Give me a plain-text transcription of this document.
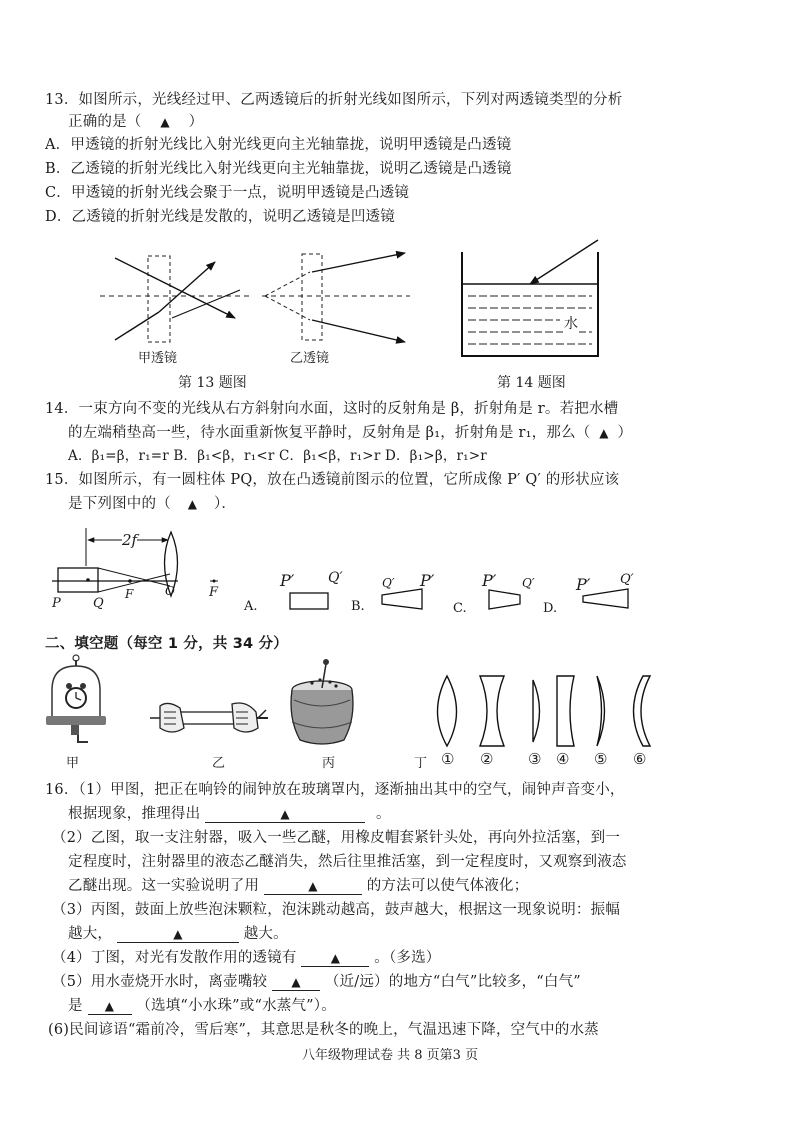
13．如图所示，光线经过甲、乙两透镜后的折射光线如图所示，下列对两透镜类型的分析
正确的是（ ▲ ）
A．甲透镜的折射光线比入射光线更向主光轴靠拢，说明甲透镜是凸透镜
B．乙透镜的折射光线比入射光线更向主光轴靠拢，说明乙透镜是凸透镜
C．甲透镜的折射光线会聚于一点，说明甲透镜是凸透镜
D．乙透镜的折射光线是发散的，说明乙透镜是凹透镜
甲透镜	乙透镜
水
第 13 题图	第 14 题图
14．一束方向不变的光线从右方斜射向水面，这时的反射角是 β，折射角是 r。若把水槽
的左端稍垫高一些，待水面重新恢复平静时，反射角是 β₁，折射角是 r₁，那么（ ▲ ）
A．β₁=β，r₁=r B．β₁<β，r₁<r C．β₁<β，r₁>r D．β₁>β，r₁>r
15．如图所示，有一圆柱体 PQ，放在凸透镜前图示的位置，它所成像 P′ Q′ 的形状应该
是下列图中的（ ▲ ）．
2f
P Q
F	O	F
A.
P′ Q′
B.
Q′ P′
C.
P′ Q′
D.
P′ Q′
二、填空题（每空 1 分，共 34 分）
甲	乙	丙	丁 ① ② ③ ④ ⑤ ⑥
16．（1）甲图，把正在响铃的闹钟放在玻璃罩内，逐渐抽出其中的空气，闹钟声音变小，
根据现象，推理得出	▲	。
（2）乙图，取一支注射器，吸入一些乙醚，用橡皮帽套紧针头处，再向外拉活塞，到一
定程度时，注射器里的液态乙醚消失，然后往里推活塞，到一定程度时，又观察到液态
乙醚出现。这一实验说明了用	▲	的方法可以使气体液化；
（3）丙图，鼓面上放些泡沫颗粒，泡沫跳动越高，鼓声越大，根据这一现象说明：振幅
越大，	▲	越大。
（4）丁图，对光有发散作用的透镜有	▲ 。（多选）
（5）用水壶烧开水时，离壶嘴较 ▲ （近/远）的地方“白气”比较多，“白气”
是 ▲ （选填“小水珠”或“水蒸气”）。
(6)民间谚语“霜前冷，雪后寒”，其意思是秋冬的晚上，气温迅速下降，空气中的水蒸
八年级物理试卷 共 8 页第3 页
